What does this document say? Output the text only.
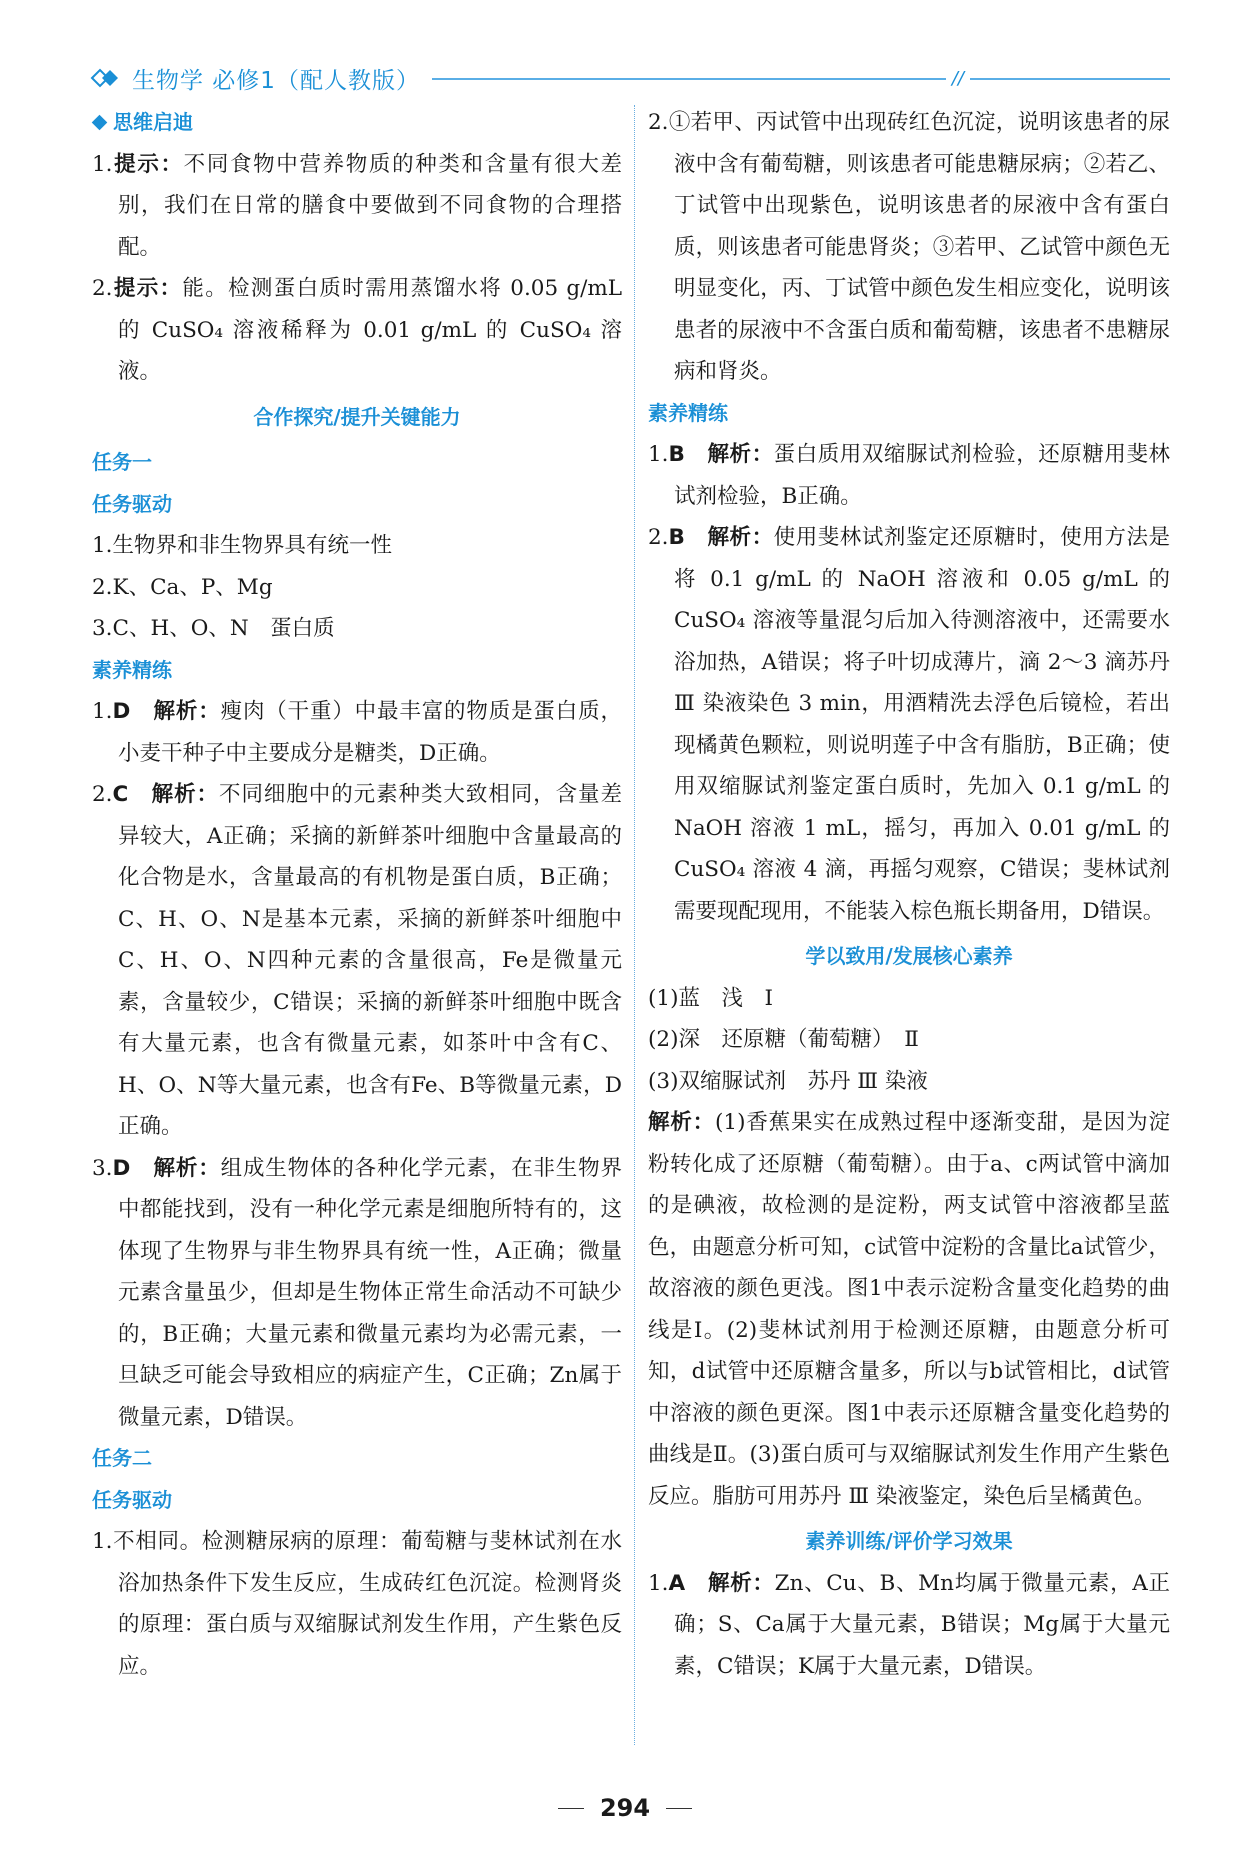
生物学 必修1（配人教版）	//
思维启迪

1.提示：不同食物中营养物质的种类和含量有很大差别，我们在日常的膳食中要做到不同食物的合理搭配。

2.提示：能。检测蛋白质时需用蒸馏水将 0.05 g/mL 的 CuSO₄ 溶液稀释为 0.01 g/mL 的 CuSO₄ 溶液。

合作探究/提升关键能力
任务一
任务驱动

1.生物界和非生物界具有统一性

2.K、Ca、P、Mg

3.C、H、O、N　蛋白质

素养精练

1.D　解析：瘦肉（干重）中最丰富的物质是蛋白质，小麦干种子中主要成分是糖类，D正确。

2.C　解析：不同细胞中的元素种类大致相同，含量差异较大，A正确；采摘的新鲜茶叶细胞中含量最高的化合物是水，含量最高的有机物是蛋白质，B正确；C、H、O、N是基本元素，采摘的新鲜茶叶细胞中C、H、O、N四种元素的含量很高，Fe是微量元素，含量较少，C错误；采摘的新鲜茶叶细胞中既含有大量元素，也含有微量元素，如茶叶中含有C、H、O、N等大量元素，也含有Fe、B等微量元素，D正确。

3.D　解析：组成生物体的各种化学元素，在非生物界中都能找到，没有一种化学元素是细胞所特有的，这体现了生物界与非生物界具有统一性，A正确；微量元素含量虽少，但却是生物体正常生命活动不可缺少的，B正确；大量元素和微量元素均为必需元素，一旦缺乏可能会导致相应的病症产生，C正确；Zn属于微量元素，D错误。

任务二
任务驱动

1.不相同。检测糖尿病的原理：葡萄糖与斐林试剂在水浴加热条件下发生反应，生成砖红色沉淀。检测肾炎的原理：蛋白质与双缩脲试剂发生作用，产生紫色反应。

2.①若甲、丙试管中出现砖红色沉淀，说明该患者的尿液中含有葡萄糖，则该患者可能患糖尿病；②若乙、丁试管中出现紫色，说明该患者的尿液中含有蛋白质，则该患者可能患肾炎；③若甲、乙试管中颜色无明显变化，丙、丁试管中颜色发生相应变化，说明该患者的尿液中不含蛋白质和葡萄糖，该患者不患糖尿病和肾炎。

素养精练

1.B　解析：蛋白质用双缩脲试剂检验，还原糖用斐林试剂检验，B正确。

2.B　解析：使用斐林试剂鉴定还原糖时，使用方法是将 0.1 g/mL 的 NaOH 溶液和 0.05 g/mL 的 CuSO₄ 溶液等量混匀后加入待测溶液中，还需要水浴加热，A错误；将子叶切成薄片，滴 2～3 滴苏丹 Ⅲ 染液染色 3 min，用酒精洗去浮色后镜检，若出现橘黄色颗粒，则说明莲子中含有脂肪，B正确；使用双缩脲试剂鉴定蛋白质时，先加入 0.1 g/mL 的 NaOH 溶液 1 mL，摇匀，再加入 0.01 g/mL 的 CuSO₄ 溶液 4 滴，再摇匀观察，C错误；斐林试剂需要现配现用，不能装入棕色瓶长期备用，D错误。

学以致用/发展核心素养

(1)蓝　浅　Ⅰ

(2)深　还原糖（葡萄糖）　Ⅱ

(3)双缩脲试剂　苏丹 Ⅲ 染液

解析：(1)香蕉果实在成熟过程中逐渐变甜，是因为淀粉转化成了还原糖（葡萄糖）。由于a、c两试管中滴加的是碘液，故检测的是淀粉，两支试管中溶液都呈蓝色，由题意分析可知，c试管中淀粉的含量比a试管少，故溶液的颜色更浅。图1中表示淀粉含量变化趋势的曲线是Ⅰ。(2)斐林试剂用于检测还原糖，由题意分析可知，d试管中还原糖含量多，所以与b试管相比，d试管中溶液的颜色更深。图1中表示还原糖含量变化趋势的曲线是Ⅱ。(3)蛋白质可与双缩脲试剂发生作用产生紫色反应。脂肪可用苏丹 Ⅲ 染液鉴定，染色后呈橘黄色。

素养训练/评价学习效果

1.A　解析：Zn、Cu、B、Mn均属于微量元素，A正确；S、Ca属于大量元素，B错误；Mg属于大量元素，C错误；K属于大量元素，D错误。

294
